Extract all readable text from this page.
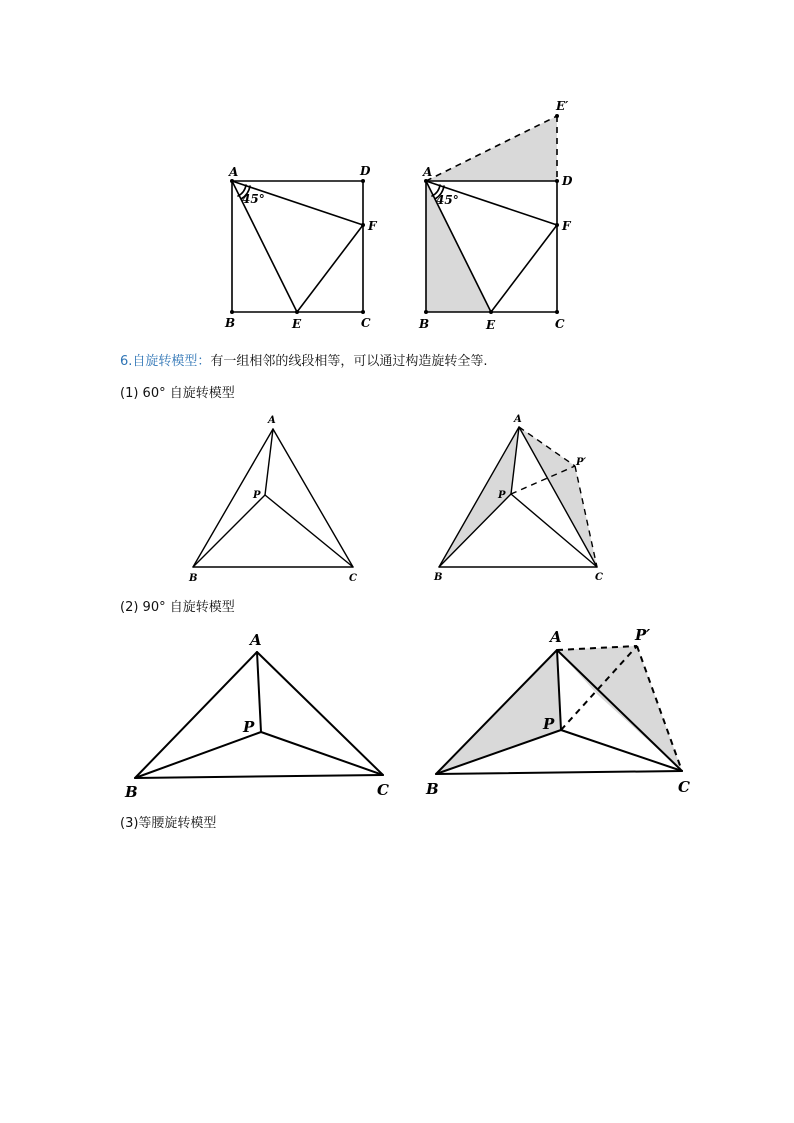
A	D
F
B	E	C
45°
A
E′
D
F
B	E	C
45°
6.自旋转模型：有一组相邻的线段相等，可以通过构造旋转全等.
(1) 60° 自旋转模型
A
P
B	C
A
P′
P
B	C
(2) 90° 自旋转模型
A
P
B	C
A	P′
P
B	C
(3)等腰旋转模型
